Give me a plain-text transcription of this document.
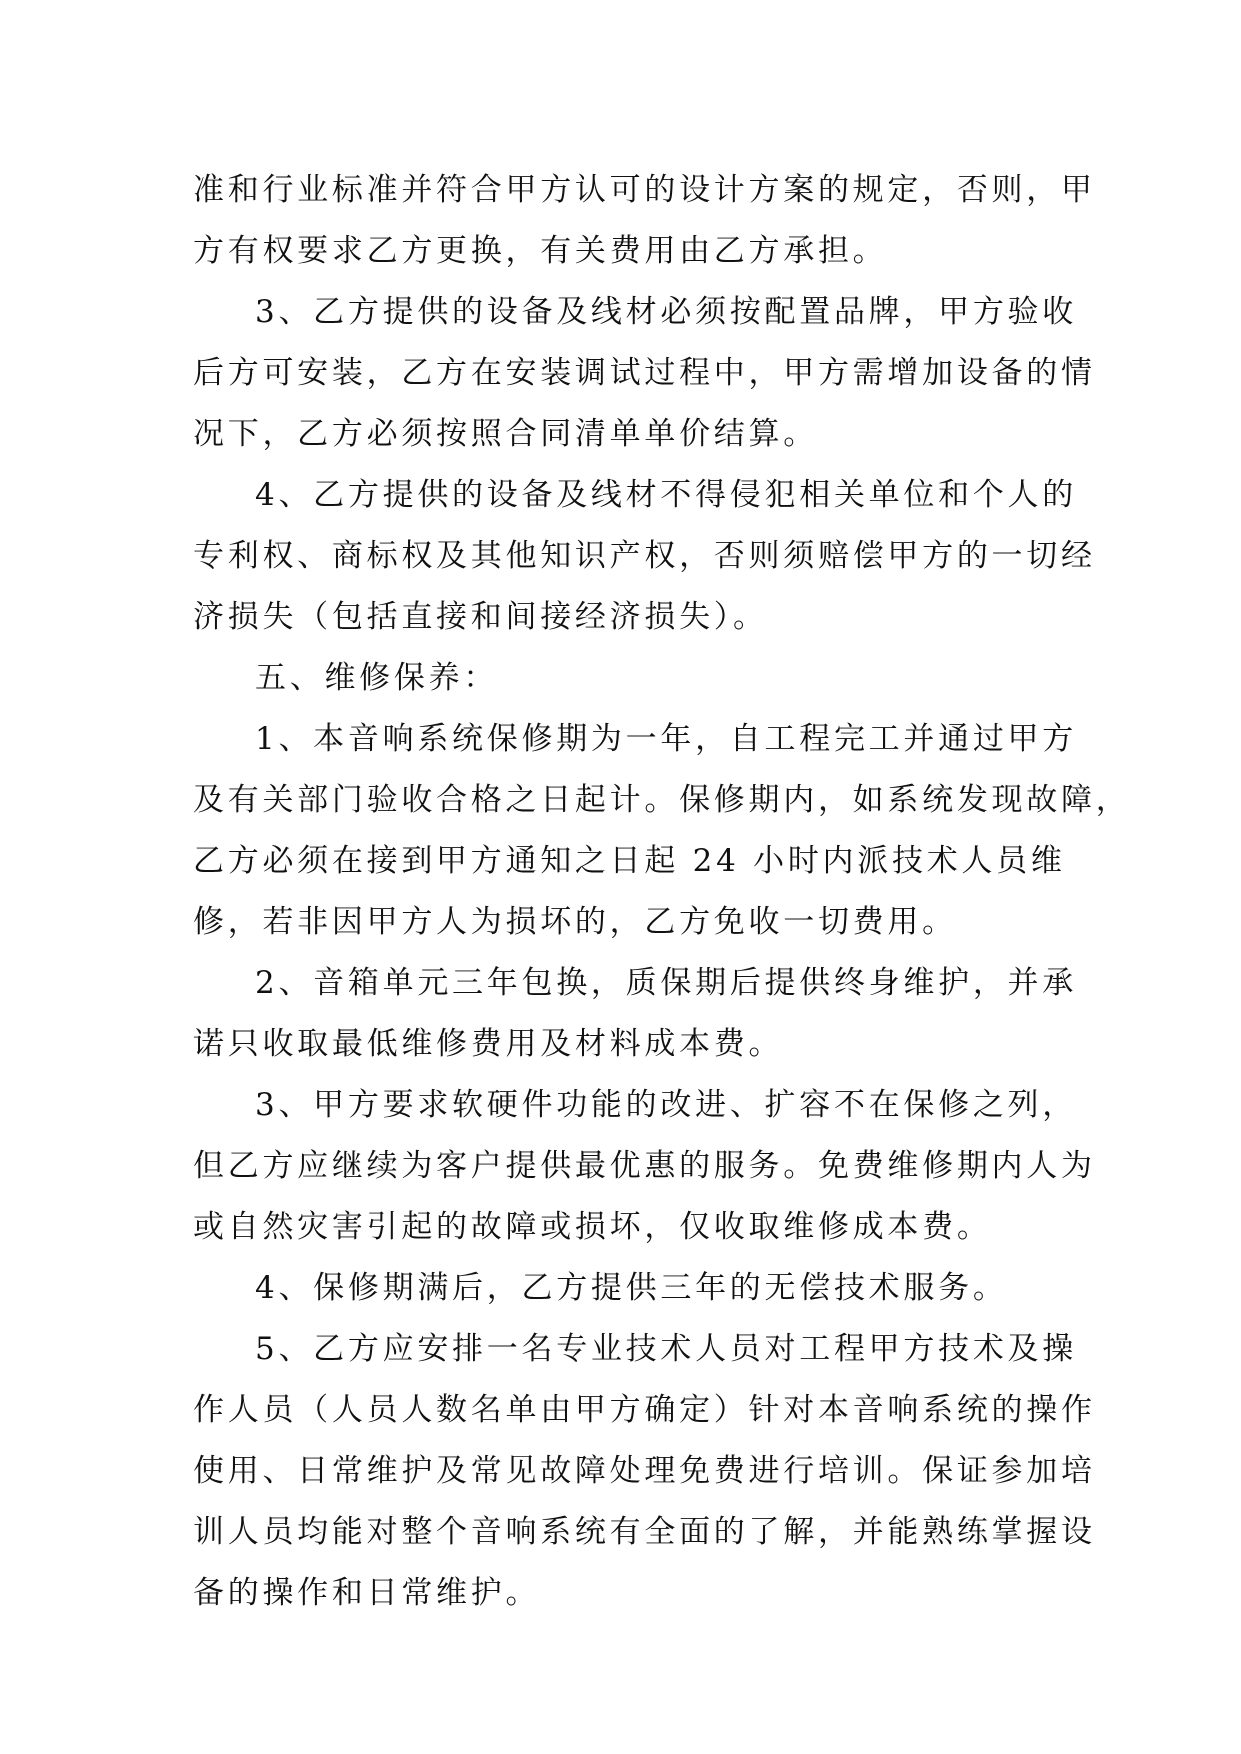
准和行业标准并符合甲方认可的设计方案的规定，否则，甲
方有权要求乙方更换，有关费用由乙方承担。
3、乙方提供的设备及线材必须按配置品牌，甲方验收
后方可安装，乙方在安装调试过程中，甲方需增加设备的情
况下，乙方必须按照合同清单单价结算。
4、乙方提供的设备及线材不得侵犯相关单位和个人的
专利权、商标权及其他知识产权，否则须赔偿甲方的一切经
济损失（包括直接和间接经济损失）。
五、维修保养：
1、本音响系统保修期为一年，自工程完工并通过甲方
及有关部门验收合格之日起计。保修期内，如系统发现故障，
乙方必须在接到甲方通知之日起 24 小时内派技术人员维
修，若非因甲方人为损坏的，乙方免收一切费用。
2、音箱单元三年包换，质保期后提供终身维护，并承
诺只收取最低维修费用及材料成本费。
3、甲方要求软硬件功能的改进、扩容不在保修之列，
但乙方应继续为客户提供最优惠的服务。免费维修期内人为
或自然灾害引起的故障或损坏，仅收取维修成本费。
4、保修期满后，乙方提供三年的无偿技术服务。
5、乙方应安排一名专业技术人员对工程甲方技术及操
作人员（人员人数名单由甲方确定）针对本音响系统的操作
使用、日常维护及常见故障处理免费进行培训。保证参加培
训人员均能对整个音响系统有全面的了解，并能熟练掌握设
备的操作和日常维护。
